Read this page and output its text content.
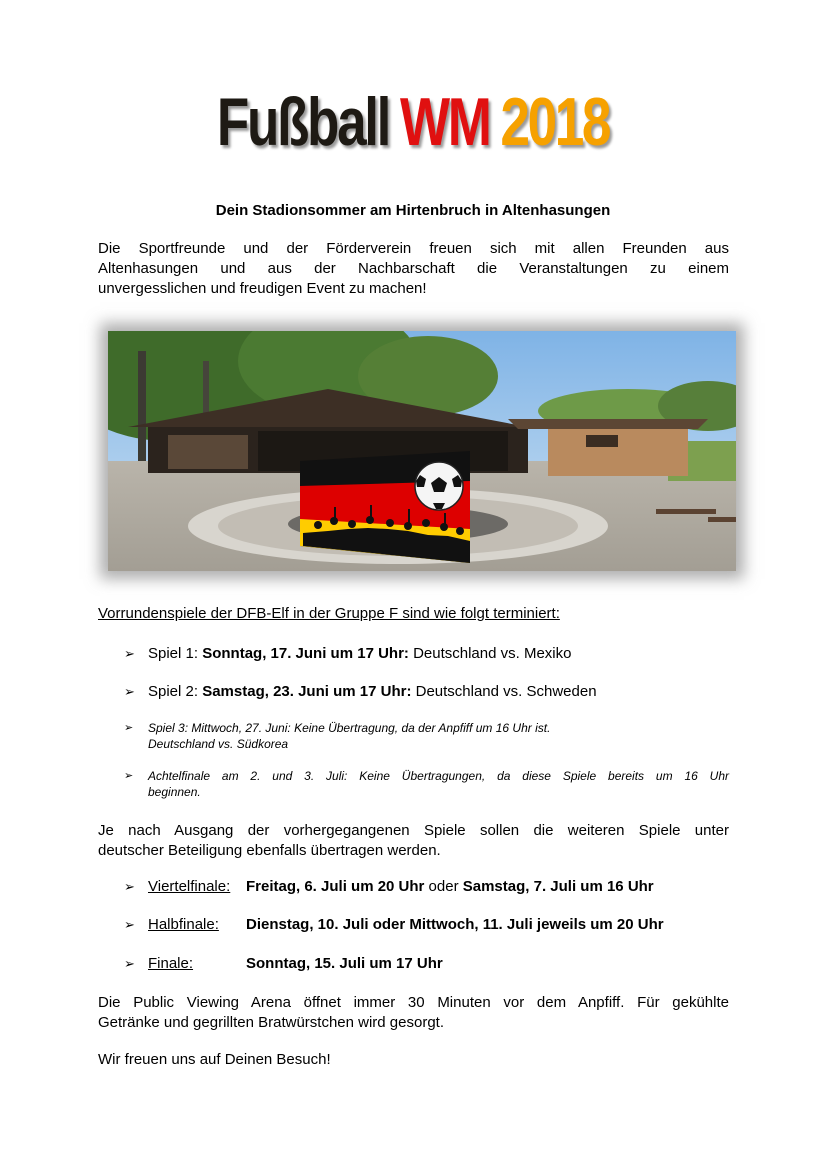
Fußball WM 2018
Dein Stadionsommer am Hirtenbruch in Altenhasungen
Die Sportfreunde und der Förderverein freuen sich mit allen Freunden aus
Altenhasungen und aus der Nachbarschaft die Veranstaltungen zu einem
unvergesslichen und freudigen Event zu machen!
Vorrundenspiele der DFB-Elf in der Gruppe F sind wie folgt terminiert:
➢ Spiel 1: Sonntag, 17. Juni um 17 Uhr: Deutschland vs. Mexiko
➢ Spiel 2: Samstag, 23. Juni um 17 Uhr: Deutschland vs. Schweden
➢ Spiel 3: Mittwoch, 27. Juni: Keine Übertragung, da der Anpfiff um 16 Uhr ist.
Deutschland vs. Südkorea
➢ Achtelfinale am 2. und 3. Juli: Keine Übertragungen, da diese Spiele bereits um 16 Uhr
beginnen.
Je nach Ausgang der vorhergegangenen Spiele sollen die weiteren Spiele unter
deutscher Beteiligung ebenfalls übertragen werden.
➢ Viertelfinale: Freitag, 6. Juli um 20 Uhr oder Samstag, 7. Juli um 16 Uhr
➢ Halbfinale: Dienstag, 10. Juli oder Mittwoch, 11. Juli jeweils um 20 Uhr
➢ Finale:	Sonntag, 15. Juli um 17 Uhr
Die Public Viewing Arena öffnet immer 30 Minuten vor dem Anpfiff. Für gekühlte
Getränke und gegrillten Bratwürstchen wird gesorgt.
Wir freuen uns auf Deinen Besuch!
